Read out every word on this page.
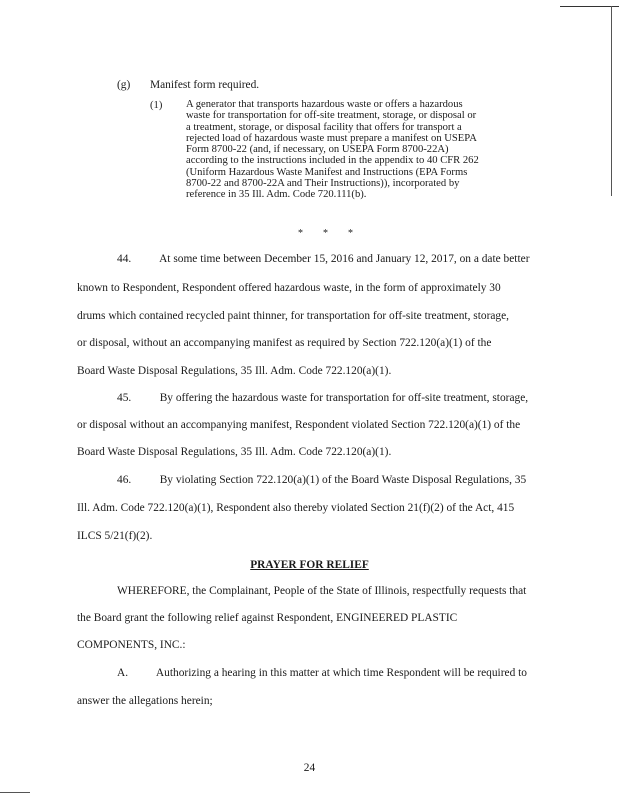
(g) Manifest form required.
(1) A generator that transports hazardous waste or offers a hazardous
waste for transportation for off-site treatment, storage, or disposal or
a treatment, storage, or disposal facility that offers for transport a
rejected load of hazardous waste must prepare a manifest on USEPA
Form 8700-22 (and, if necessary, on USEPA Form 8700-22A)
according to the instructions included in the appendix to 40 CFR 262
(Uniform Hazardous Waste Manifest and Instructions (EPA Forms
8700-22 and 8700-22A and Their Instructions)), incorporated by
reference in 35 Ill. Adm. Code 720.111(b).
*        *        *
44.          At some time between December 15, 2016 and January 12, 2017, on a date better
known to Respondent, Respondent offered hazardous waste, in the form of approximately 30
drums which contained recycled paint thinner, for transportation for off-site treatment, storage,
or disposal, without an accompanying manifest as required by Section 722.120(a)(1) of the
Board Waste Disposal Regulations, 35 Ill. Adm. Code 722.120(a)(1).
45.          By offering the hazardous waste for transportation for off-site treatment, storage,
or disposal without an accompanying manifest, Respondent violated Section 722.120(a)(1) of the
Board Waste Disposal Regulations, 35 Ill. Adm. Code 722.120(a)(1).
46.          By violating Section 722.120(a)(1) of the Board Waste Disposal Regulations, 35
Ill. Adm. Code 722.120(a)(1), Respondent also thereby violated Section 21(f)(2) of the Act, 415
ILCS 5/21(f)(2).
PRAYER FOR RELIEF
WHEREFORE, the Complainant, People of the State of Illinois, respectfully requests that
the Board grant the following relief against Respondent, ENGINEERED PLASTIC
COMPONENTS, INC.:
A.          Authorizing a hearing in this matter at which time Respondent will be required to
answer the allegations herein;
24
